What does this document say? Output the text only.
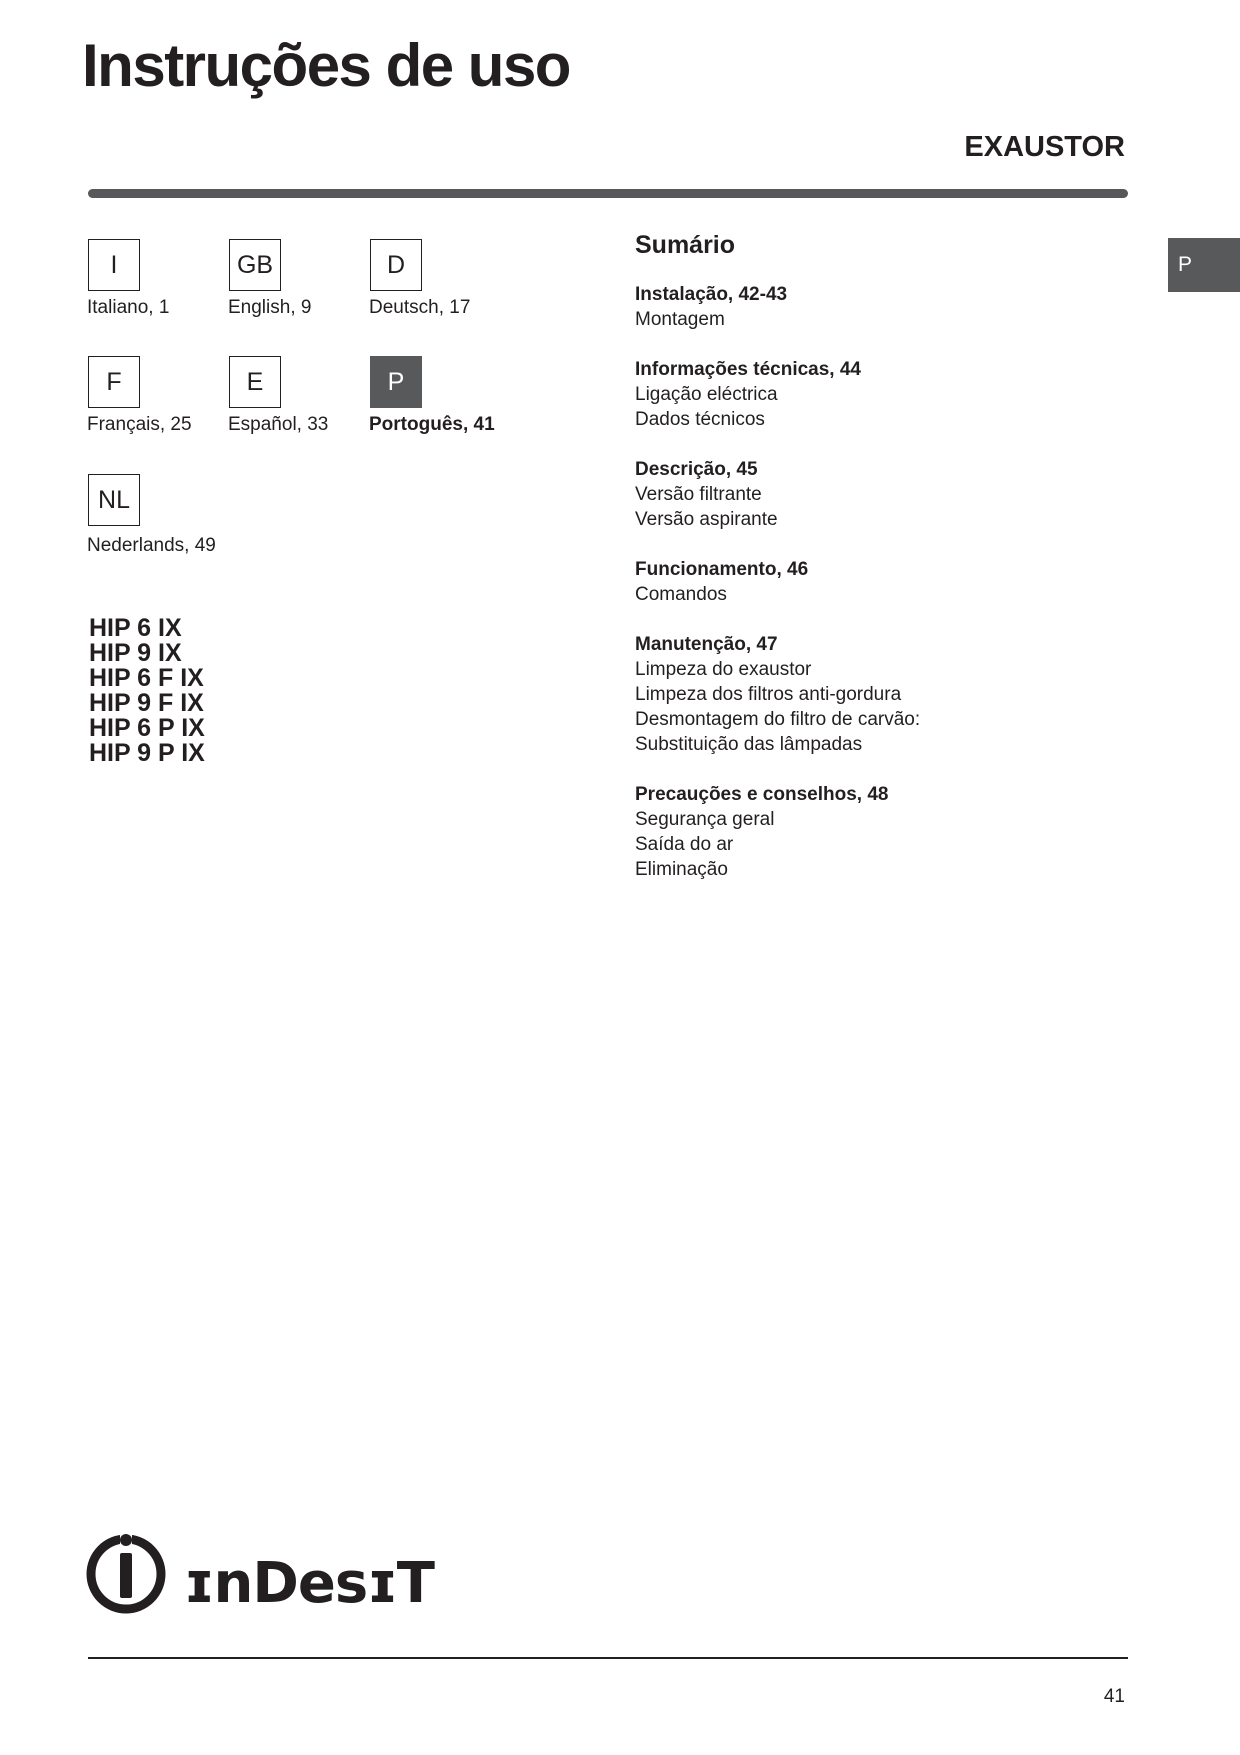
Instruções de uso
EXAUSTOR
P
I
Italiano, 1
GB
English, 9
D
Deutsch, 17
F
Français, 25
E
Español, 33
P
Portoguês, 41
NL
Nederlands, 49
HIP 6 IX
HIP 9 IX
HIP 6 F IX
HIP 9 F IX
HIP 6 P IX
HIP 9 P IX
Sumário
Instalação, 42-43
Montagem
Informações técnicas, 44
Ligação eléctrica
Dados técnicos
Descrição, 45
Versão filtrante
Versão aspirante
Funcionamento, 46
Comandos
Manutenção, 47
Limpeza do exaustor
Limpeza dos filtros anti-gordura
Desmontagem do filtro de carvão:
Substituição das lâmpadas
Precauções e conselhos, 48
Segurança geral
Saída do ar
Eliminação
ɪnDesɪT
41
